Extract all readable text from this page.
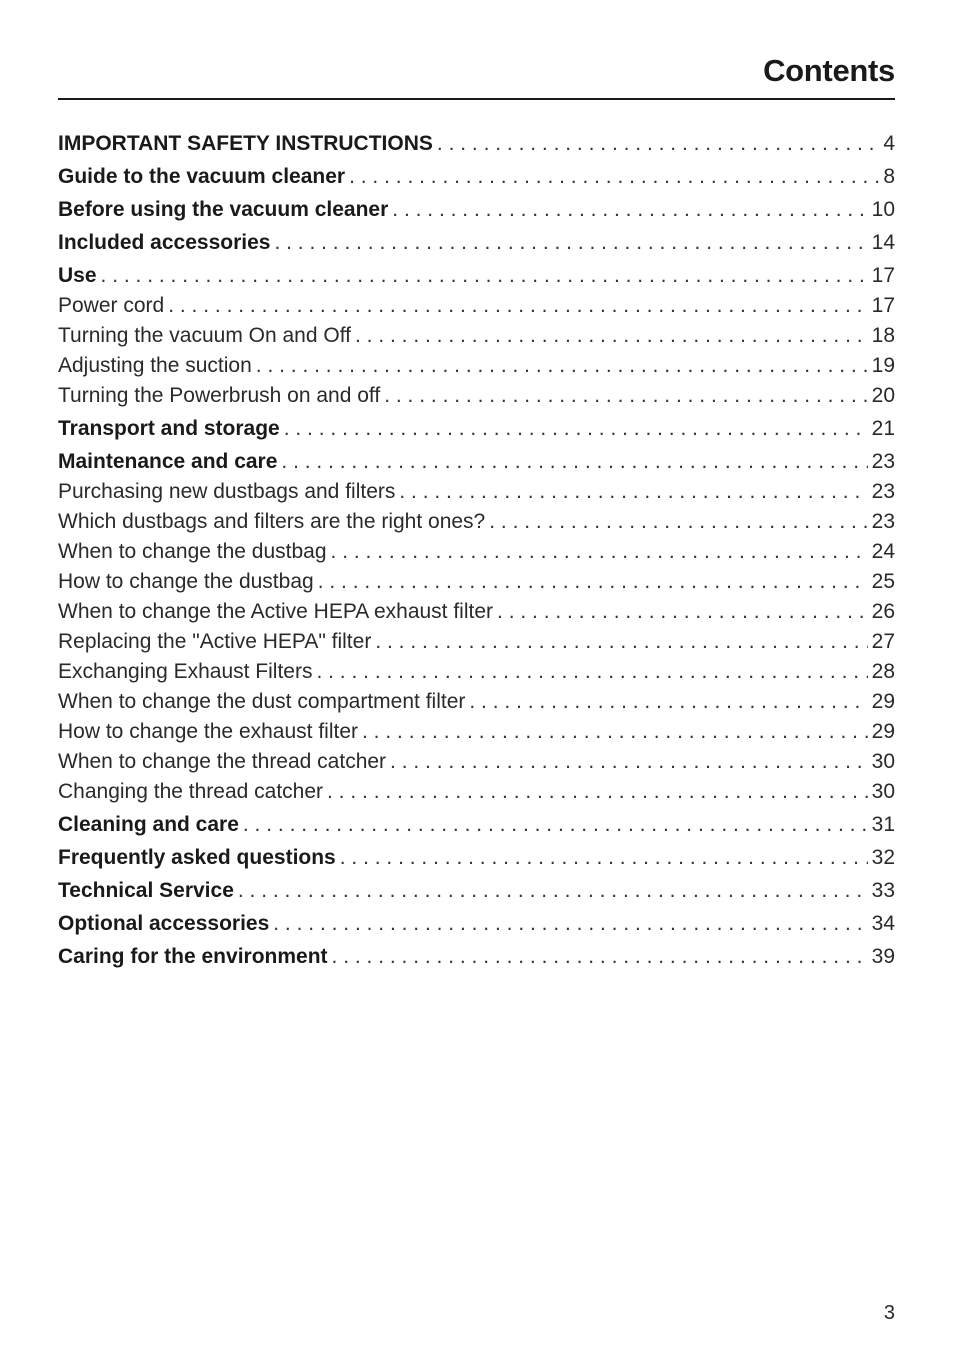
Contents
IMPORTANT SAFETY INSTRUCTIONS . . .	4
Guide to the vacuum cleaner . . .	8
Before using the vacuum cleaner . . .	10
Included accessories . . .	14
Use . . .	17
Power cord . . .	17
Turning the vacuum On and Off . . .	18
Adjusting the suction . . .	19
Turning the Powerbrush on and off . . .	20
Transport and storage . . .	21
Maintenance and care . . .	23
Purchasing new dustbags and filters . . .	23
Which dustbags and filters are the right ones? . . .	23
When to change the dustbag . . .	24
How to change the dustbag . . .	25
When to change the Active HEPA exhaust filter . . .	26
Replacing the "Active HEPA" filter . . .	27
Exchanging Exhaust Filters . . .	28
When to change the dust compartment filter . . .	29
How to change the exhaust filter . . .	29
When to change the thread catcher . . .	30
Changing the thread catcher . . .	30
Cleaning and care . . .	31
Frequently asked questions . . .	32
Technical Service . . .	33
Optional accessories . . .	34
Caring for the environment . . .	39
3
